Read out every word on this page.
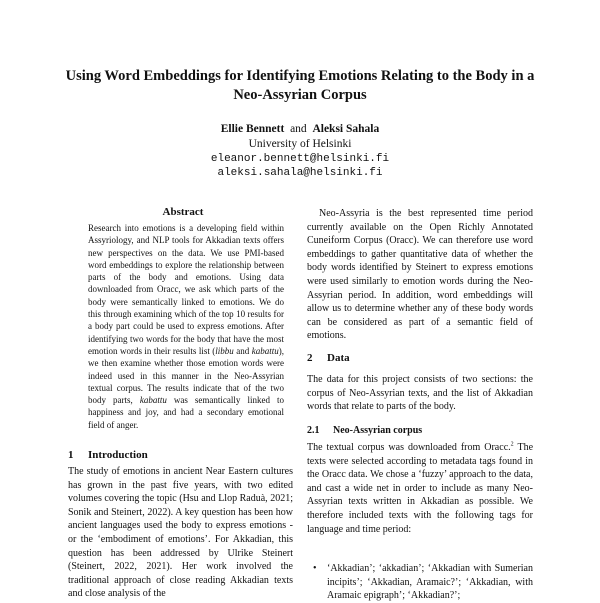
Using Word Embeddings for Identifying Emotions Relating to the Body in a Neo-Assyrian Corpus
Ellie Bennett and Aleksi Sahala
University of Helsinki
eleanor.bennett@helsinki.fi
aleksi.sahala@helsinki.fi
Abstract
Research into emotions is a developing field within Assyriology, and NLP tools for Akkadian texts offers new perspectives on the data. We use PMI-based word embeddings to explore the relationship between parts of the body and emotions. Using data downloaded from Oracc, we ask which parts of the body were semantically linked to emotions. We do this through examining which of the top 10 results for a body part could be used to express emotions. After identifying two words for the body that have the most emotion words in their results list (libbu and kabattu), we then examine whether those emotion words were indeed used in this manner in the Neo-Assyrian textual corpus. The results indicate that of the two body parts, kabattu was semantically linked to happiness and joy, and had a secondary emotional field of anger.
1 Introduction
The study of emotions in ancient Near Eastern cultures has grown in the past five years, with two edited volumes covering the topic (Hsu and Llop Raduà, 2021; Sonik and Steinert, 2022). A key question has been how ancient languages used the body to express emotions - or the ‘embodiment of emotions’. For Akkadian, this question has been addressed by Ulrike Steinert (Steinert, 2022, 2021). Her work involved the traditional approach of close reading Akkadian texts and close analysis of the

Neo-Assyria is the best represented time period currently available on the Open Richly Annotated Cuneiform Corpus (Oracc). We can therefore use word embeddings to gather quantitative data of whether the body words identified by Steinert to express emotions were used similarly to emotion words during the Neo-Assyrian period. In addition, word embeddings will allow us to determine whether any of these body words can be considered as part of a semantic field of emotions.

2 Data
The data for this project consists of two sections: the corpus of Neo-Assyrian texts, and the list of Akkadian words that relate to parts of the body.
2.1 Neo-Assyrian corpus
The textual corpus was downloaded from Oracc.$^2$ The texts were selected according to metadata tags found in the Oracc data. We chose a ‘fuzzy’ approach to the data, and cast a wide net in order to include as many Neo-Assyrian texts written in Akkadian as possible. We therefore included texts with the following tags for language and time period:
• ‘Akkadian’; ‘akkadian’; ‘Akkadian with Sumerian incipits’; ‘Akkadian, Aramaic?’; ‘Akkadian, with Aramaic epigraph’; ‘Akkadian?’;
